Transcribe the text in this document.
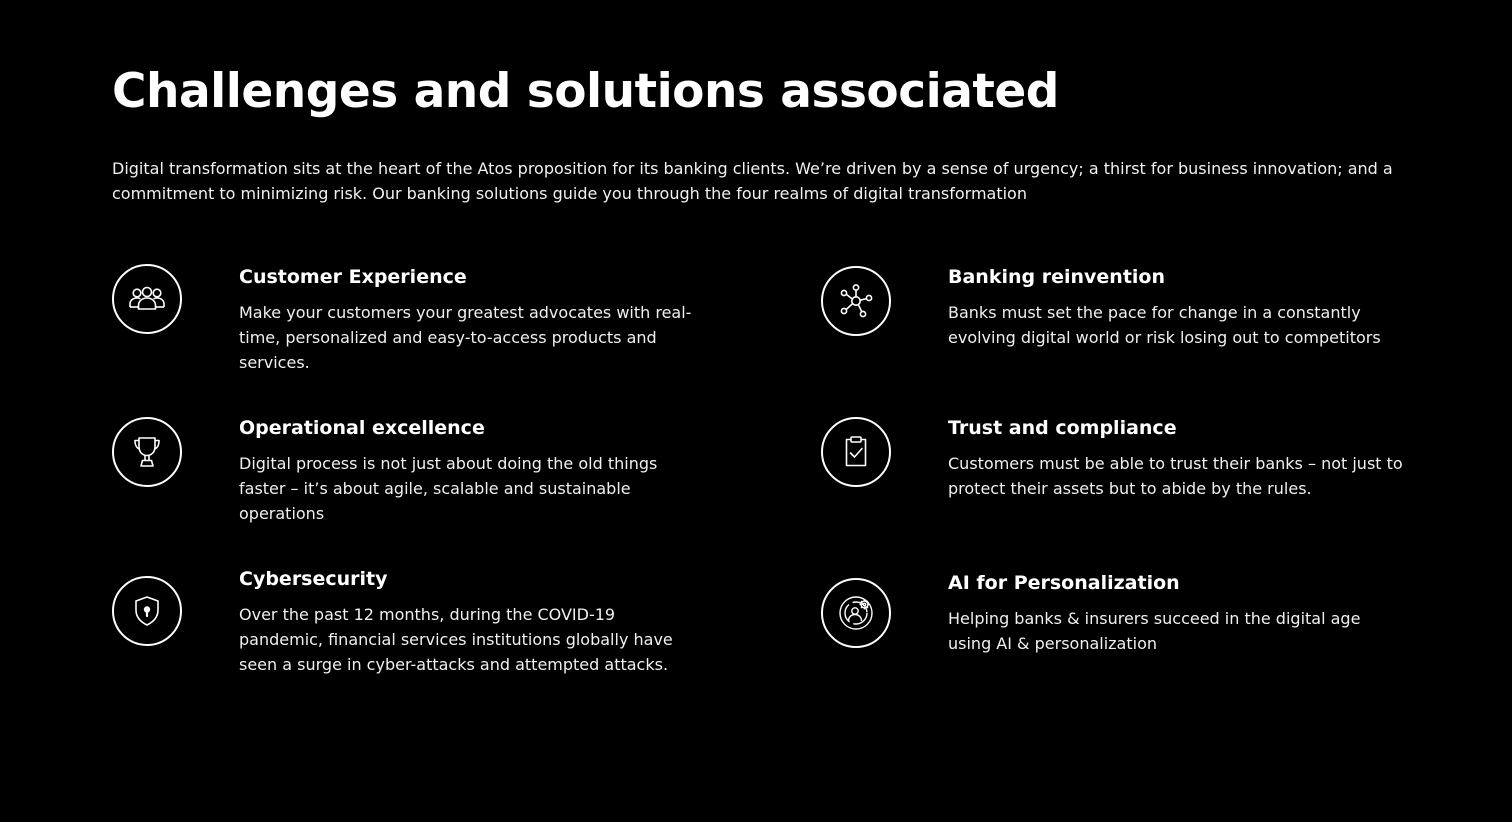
Challenges and solutions associated

Digital transformation sits at the heart of the Atos proposition for its banking clients. We’re driven by a sense of urgency; a thirst for business innovation; and a commitment to minimizing risk. Our banking solutions guide you through the four realms of digital transformation

Customer Experience

Make your customers your greatest advocates with real-time, personalized and easy-to-access products and services.

Banking reinvention

Banks must set the pace for change in a constantly evolving digital world or risk losing out to competitors

Operational excellence

Digital process is not just about doing the old things faster – it’s about agile, scalable and sustainable operations

Trust and compliance

Customers must be able to trust their banks – not just to protect their assets but to abide by the rules.

Cybersecurity

Over the past 12 months, during the COVID-19 pandemic, financial services institutions globally have seen a surge in cyber-attacks and attempted attacks.

AI for Personalization

Helping banks & insurers succeed in the digital age using AI & personalization
